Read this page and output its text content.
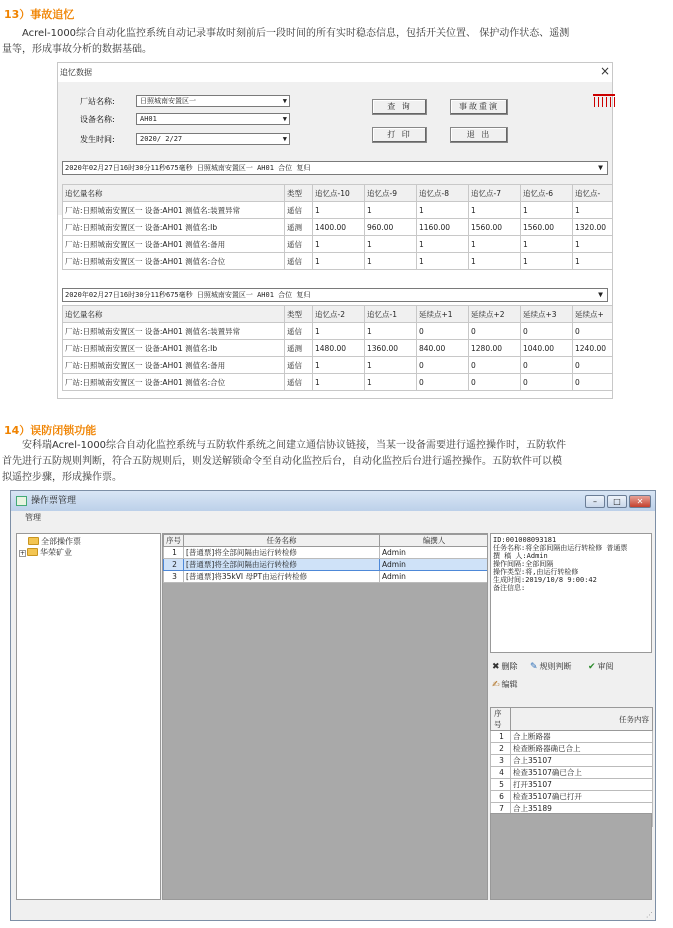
13）事故追忆
　　Acrel-1000综合自动化监控系统自动记录事故时刻前后一段时间的所有实时稳态信息，包括开关位置、 保护动作状态、遥测
量等，形成事故分析的数据基础。
追忆数据	×
厂站名称:	日照城南安置区一	▼
设备名称:	AH01	▼
发生时间:	2020/ 2/27	▼
查 询	事故重演
打 印	退 出
2020年02月27日16时30分11秒675毫秒 日照城南安置区一 AH01 合位 复归	▼
追忆量名称	类型	追忆点-10	追忆点-9	追忆点-8	追忆点-7	追忆点-6	追忆点-
厂站:日照城南安置区一 设备:AH01 测值名:装置异常	遥信	1	1	1	1	1	1
厂站:日照城南安置区一 设备:AH01 测值名:Ib	遥测	1400.00	960.00	1160.00	1560.00	1560.00	1320.00
厂站:日照城南安置区一 设备:AH01 测值名:备用	遥信	1	1	1	1	1	1
厂站:日照城南安置区一 设备:AH01 测值名:合位	遥信	1	1	1	1	1	1
2020年02月27日16时30分11秒675毫秒 日照城南安置区一 AH01 合位 复归	▼
追忆量名称	类型	追忆点-2	追忆点-1	延续点+1	延续点+2	延续点+3	延续点+
厂站:日照城南安置区一 设备:AH01 测值名:装置异常	遥信	1	1	0	0	0	0
厂站:日照城南安置区一 设备:AH01 测值名:Ib	遥测	1480.00	1360.00	840.00	1280.00	1040.00	1240.00
厂站:日照城南安置区一 设备:AH01 测值名:备用	遥信	1	1	0	0	0	0
厂站:日照城南安置区一 设备:AH01 测值名:合位	遥信	1	1	0	0	0	0
14）误防闭锁功能
　　安科瑞Acrel-1000综合自动化监控系统与五防软件系统之间建立通信协议链接，当某一设备需要进行遥控操作时，五防软件
首先进行五防规则判断，符合五防规则后，则发送解锁命令至自动化监控后台，自动化监控后台进行遥控操作。五防软件可以模
拟遥控步骤，形成操作票。
操作票管理	–	□	✕
管理
全部操作票
+ 华荣矿业
序号	任务名称	编撰人
1	[普通票]将全部间隔由运行转检修	Admin
2	[普通票]将全部间隔由运行转检修	Admin
3	[普通票]将35kVⅠ 母PT由运行转检修	Admin
ID:001008093181
任务名称:将全部间隔由运行转检修 普通票
撰 稿 人:Admin
操作间隔:全部间隔
操作类型:将,由运行转检修
生成时间:2019/10/8 9:00:42
备注信息:
✖ 删除 ✎ 规则判断 ✔ 审阅
✍ 编辑
序号	任务内容
1	合上断路器
2	检查断路器确已合上
3	合上35107
4	检查35107确已合上
5	打开35107
6	检查35107确已打开
7	合上35189

⋰
